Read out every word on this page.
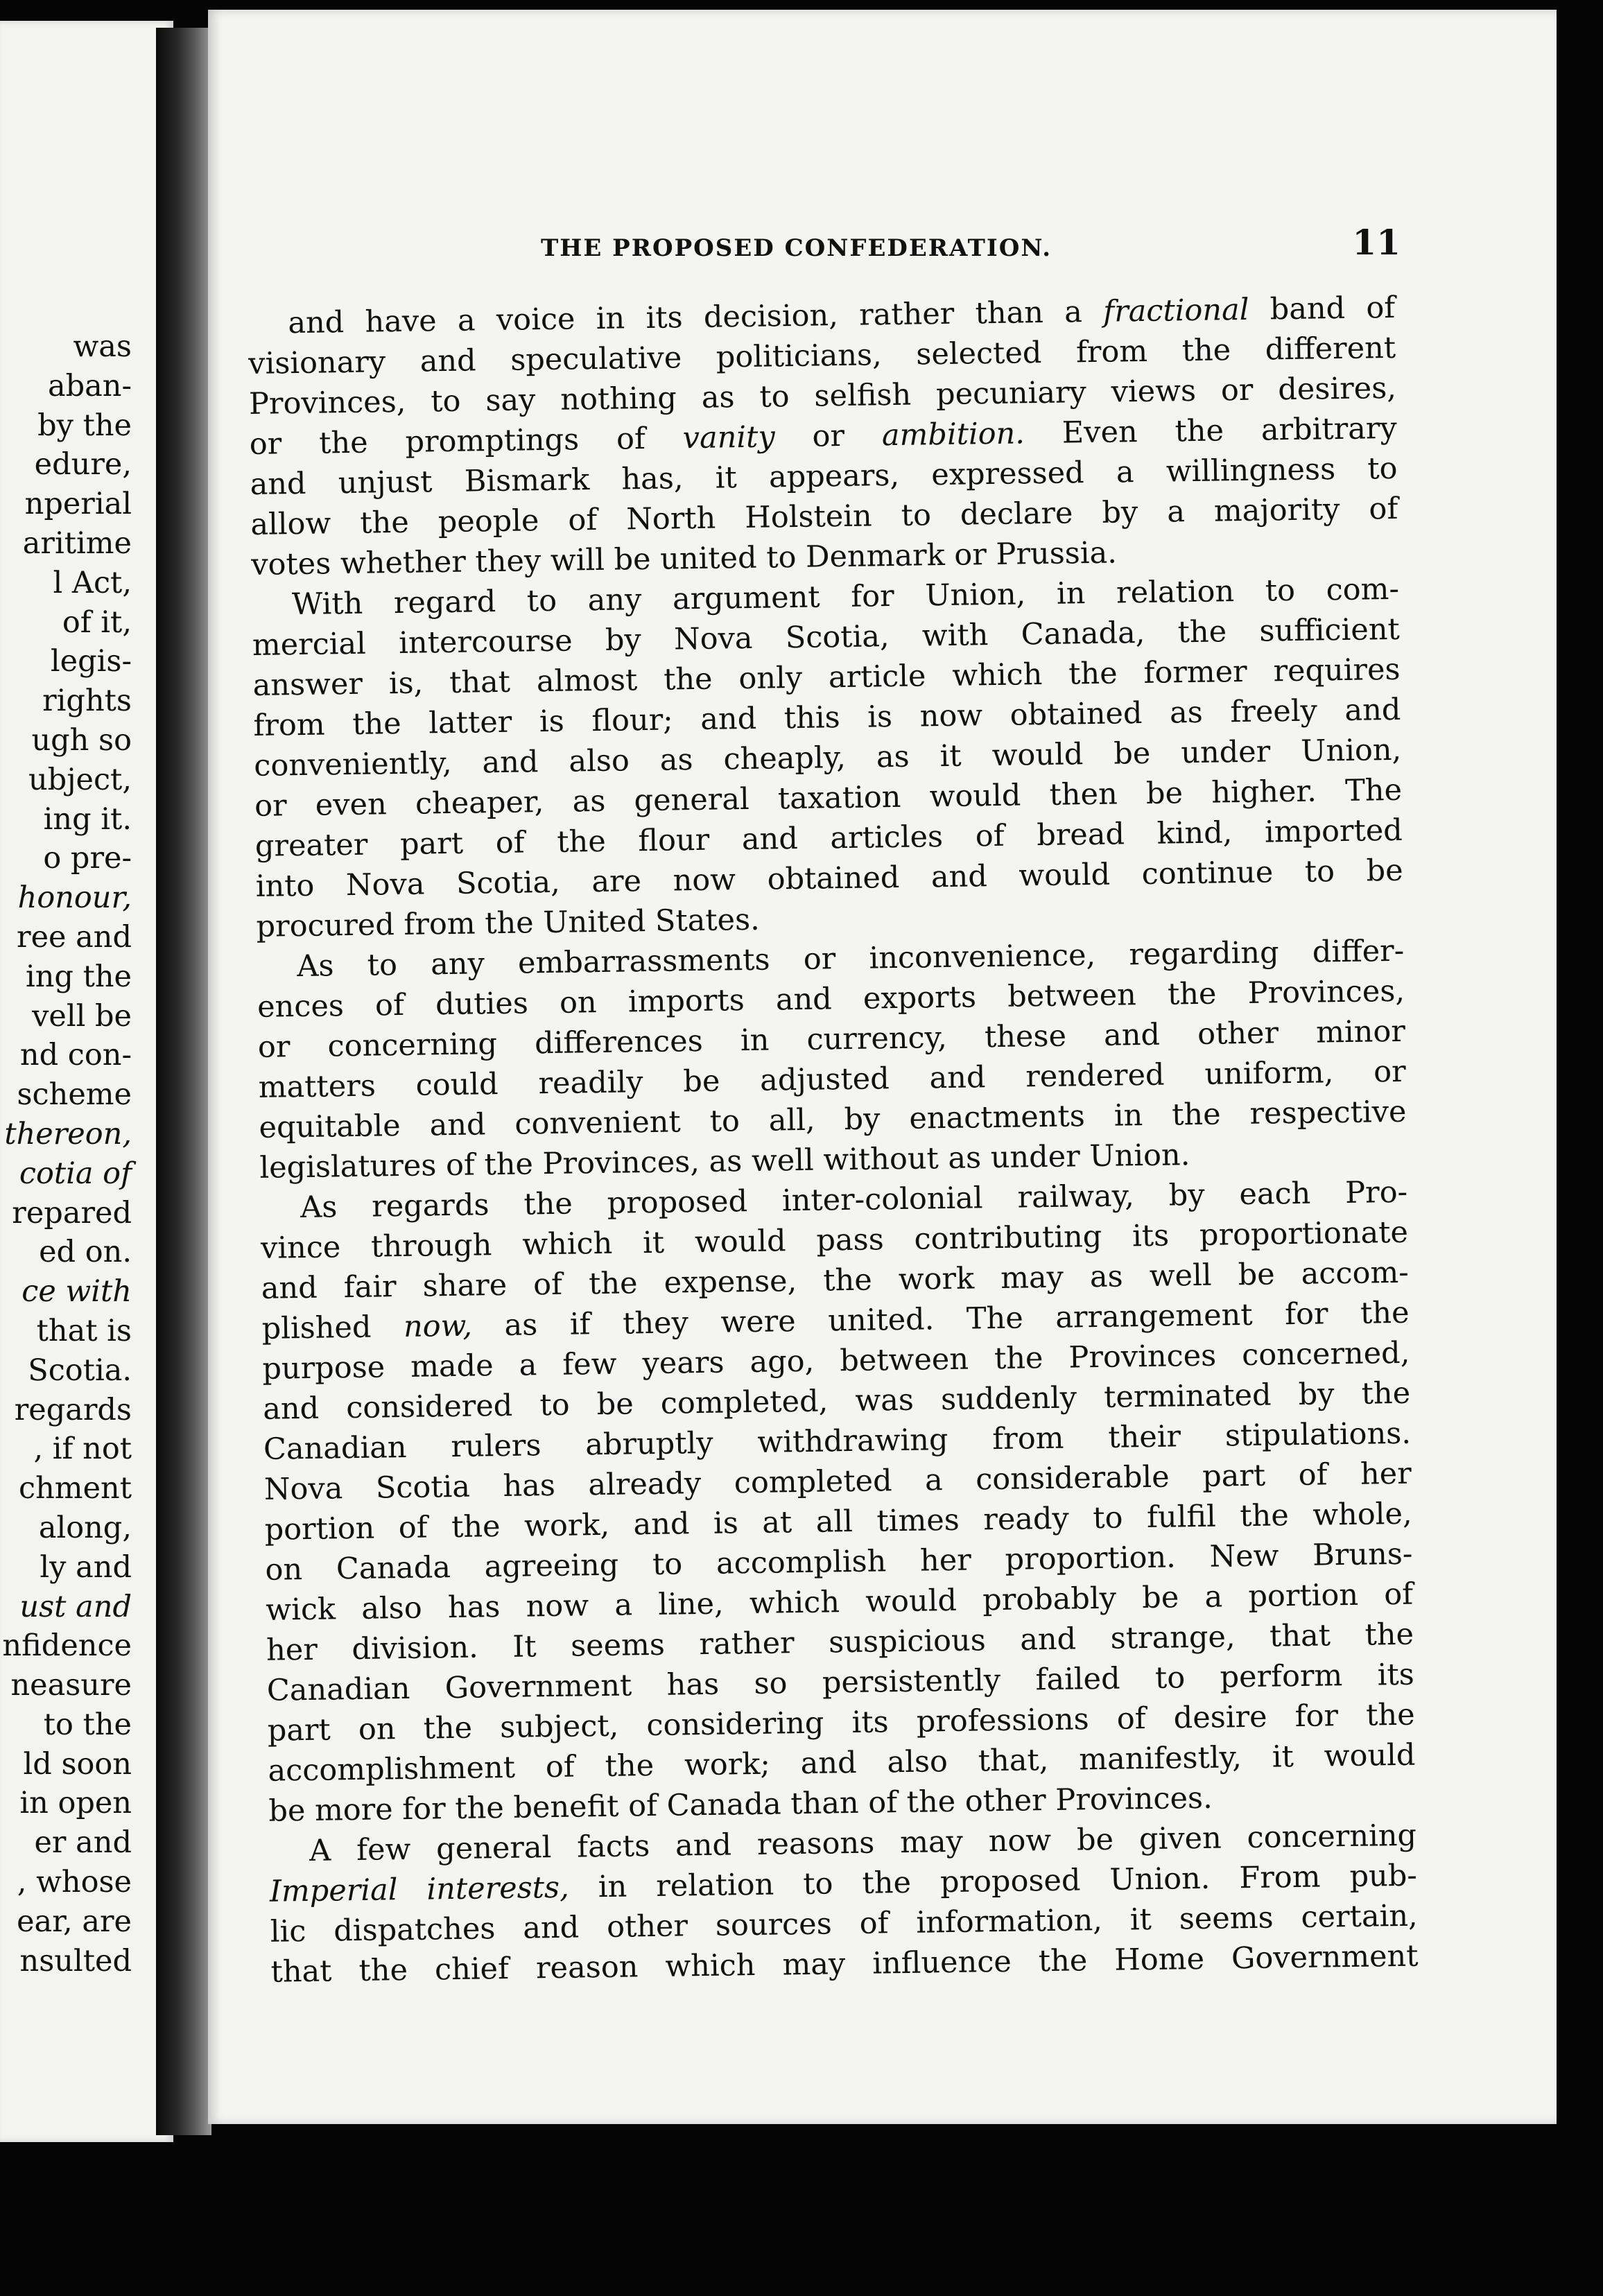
was
aban-
by the
edure,
nperial
aritime
l Act,
of it,
legis-
rights
ugh so
ubject,
ing it.
o pre-
honour,
ree and
ing the
vell be
nd con-
scheme
thereon,
cotia of
repared
ed on.
ce with
that is
Scotia.
regards
, if not
chment
along,
ly and
ust and
nfidence
neasure
to the
ld soon
in open
er and
, whose
ear, are
nsulted
THE PROPOSED CONFEDERATION.	11
and have a voice in its decision, rather than a fractional band of
visionary and speculative politicians, selected from the different
Provinces, to say nothing as to selfish pecuniary views or desires,
or the promptings of vanity or ambition. Even the arbitrary
and unjust Bismark has, it appears, expressed a willingness to
allow the people of North Holstein to declare by a majority of
votes whether they will be united to Denmark or Prussia.
With regard to any argument for Union, in relation to com-
mercial intercourse by Nova Scotia, with Canada, the sufficient
answer is, that almost the only article which the former requires
from the latter is flour; and this is now obtained as freely and
conveniently, and also as cheaply, as it would be under Union,
or even cheaper, as general taxation would then be higher. The
greater part of the flour and articles of bread kind, imported
into Nova Scotia, are now obtained and would continue to be
procured from the United States.
As to any embarrassments or inconvenience, regarding differ-
ences of duties on imports and exports between the Provinces,
or concerning differences in currency, these and other minor
matters could readily be adjusted and rendered uniform, or
equitable and convenient to all, by enactments in the respective
legislatures of the Provinces, as well without as under Union.
As regards the proposed inter-colonial railway, by each Pro-
vince through which it would pass contributing its proportionate
and fair share of the expense, the work may as well be accom-
plished now, as if they were united. The arrangement for the
purpose made a few years ago, between the Provinces concerned,
and considered to be completed, was suddenly terminated by the
Canadian rulers abruptly withdrawing from their stipulations.
Nova Scotia has already completed a considerable part of her
portion of the work, and is at all times ready to fulfil the whole,
on Canada agreeing to accomplish her proportion. New Bruns-
wick also has now a line, which would probably be a portion of
her division. It seems rather suspicious and strange, that the
Canadian Government has so persistently failed to perform its
part on the subject, considering its professions of desire for the
accomplishment of the work; and also that, manifestly, it would
be more for the benefit of Canada than of the other Provinces.
A few general facts and reasons may now be given concerning
Imperial interests, in relation to the proposed Union. From pub-
lic dispatches and other sources of information, it seems certain,
that the chief reason which may influence the Home Government
